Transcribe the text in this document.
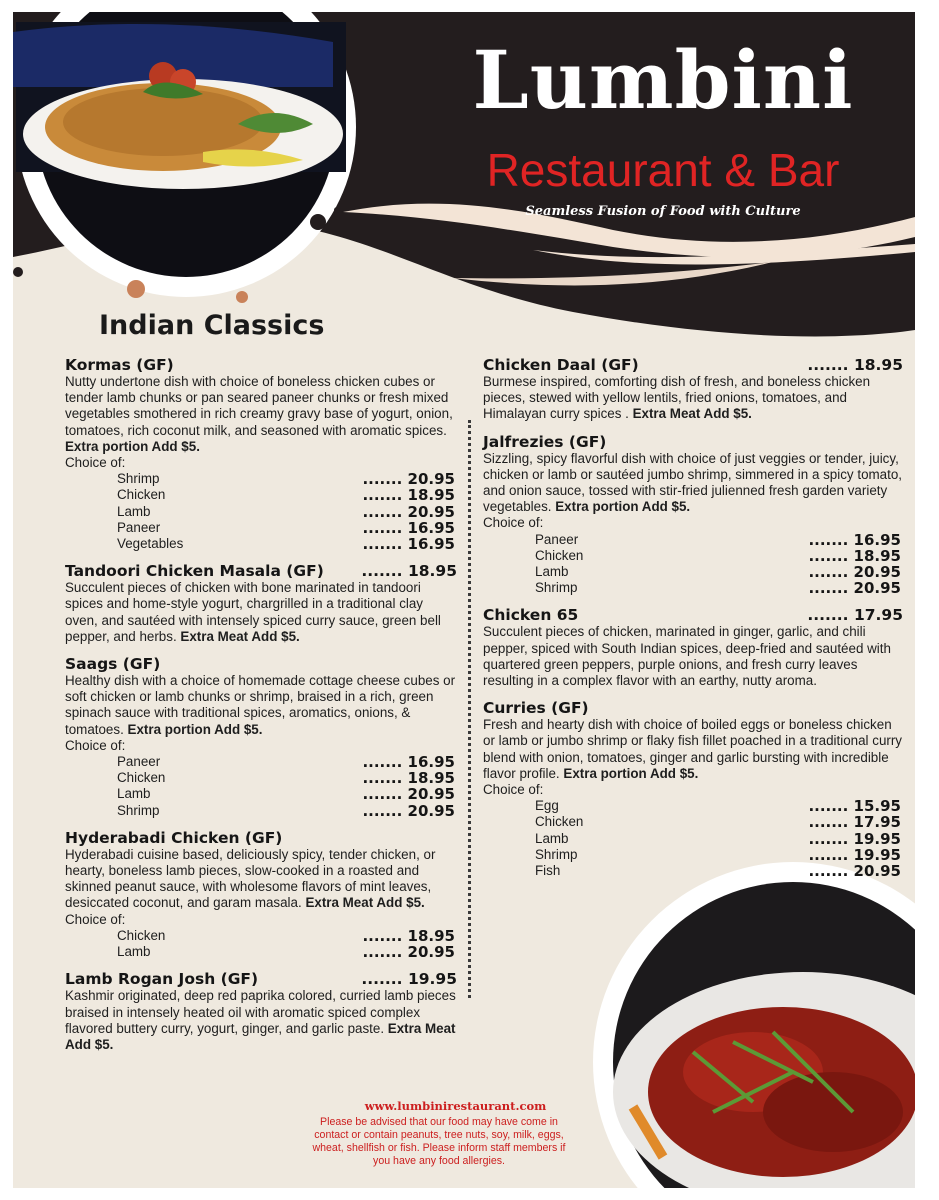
Lumbini
Restaurant & Bar
Seamless Fusion of Food with Culture
Indian Classics
Kormas (GF)
Nutty undertone dish with choice of boneless chicken cubes or tender lamb chunks or pan seared paneer chunks or fresh mixed vegetables smothered in rich creamy gravy base of yogurt, onion, tomatoes, rich coconut milk, and seasoned with aromatic spices. Extra portion Add $5.
Choice of:
Shrimp	....... 20.95
Chicken	....... 18.95
Lamb	....... 20.95
Paneer	....... 16.95
Vegetables	....... 16.95
Tandoori Chicken Masala (GF) ....... 18.95
Succulent pieces of chicken with bone marinated in tandoori spices and home-style yogurt, chargrilled in a traditional clay oven, and sautéed with intensely spiced curry sauce, green bell pepper, and herbs. Extra Meat Add $5.
Saags (GF)
Healthy dish with a choice of homemade cottage cheese cubes or soft chicken or lamb chunks or shrimp, braised in a rich, green spinach sauce with traditional spices, aromatics, onions, & tomatoes. Extra portion Add $5.
Choice of:
Paneer	....... 16.95
Chicken	....... 18.95
Lamb	....... 20.95
Shrimp	....... 20.95
Hyderabadi Chicken (GF)
Hyderabadi cuisine based, deliciously spicy, tender chicken, or hearty, boneless lamb pieces, slow-cooked in a roasted and skinned peanut sauce, with wholesome flavors of mint leaves, desiccated coconut, and garam masala. Extra Meat Add $5. Choice of:
Chicken	....... 18.95
Lamb	....... 20.95
Lamb Rogan Josh (GF)	....... 19.95
Kashmir originated, deep red paprika colored, curried lamb pieces braised in intensely heated oil with aromatic spiced complex flavored buttery curry, yogurt, ginger, and garlic paste. Extra Meat Add $5.
Chicken Daal (GF)	....... 18.95
Burmese inspired, comforting dish of fresh, and boneless chicken pieces, stewed with yellow lentils, fried onions, tomatoes, and Himalayan curry spices . Extra Meat Add $5.
Jalfrezies (GF)
Sizzling, spicy flavorful dish with choice of just veggies or tender, juicy, chicken or lamb or sautéed jumbo shrimp, simmered in a spicy tomato, and onion sauce, tossed with stir-fried julienned fresh garden variety vegetables. Extra portion Add $5.
Choice of:
Paneer	....... 16.95
Chicken	....... 18.95
Lamb	....... 20.95
Shrimp	....... 20.95
Chicken 65	....... 17.95
Succulent pieces of chicken, marinated in ginger, garlic, and chili pepper, spiced with South Indian spices, deep-fried and sautéed with quartered green peppers, purple onions, and fresh curry leaves resulting in a complex flavor with an earthy, nutty aroma.
Curries (GF)
Fresh and hearty dish with choice of boiled eggs or boneless chicken or lamb or jumbo shrimp or flaky fish fillet poached in a traditional curry blend with onion, tomatoes, ginger and garlic bursting with incredible flavor profile. Extra portion Add $5.
Choice of:
Egg	....... 15.95
Chicken	....... 17.95
Lamb	....... 19.95
Shrimp	....... 19.95
Fish	....... 20.95
www.lumbinirestaurant.com
Please be advised that our food may have come in contact or contain peanuts, tree nuts, soy, milk, eggs, wheat, shellfish or fish. Please inform staff members if you have any food allergies.
